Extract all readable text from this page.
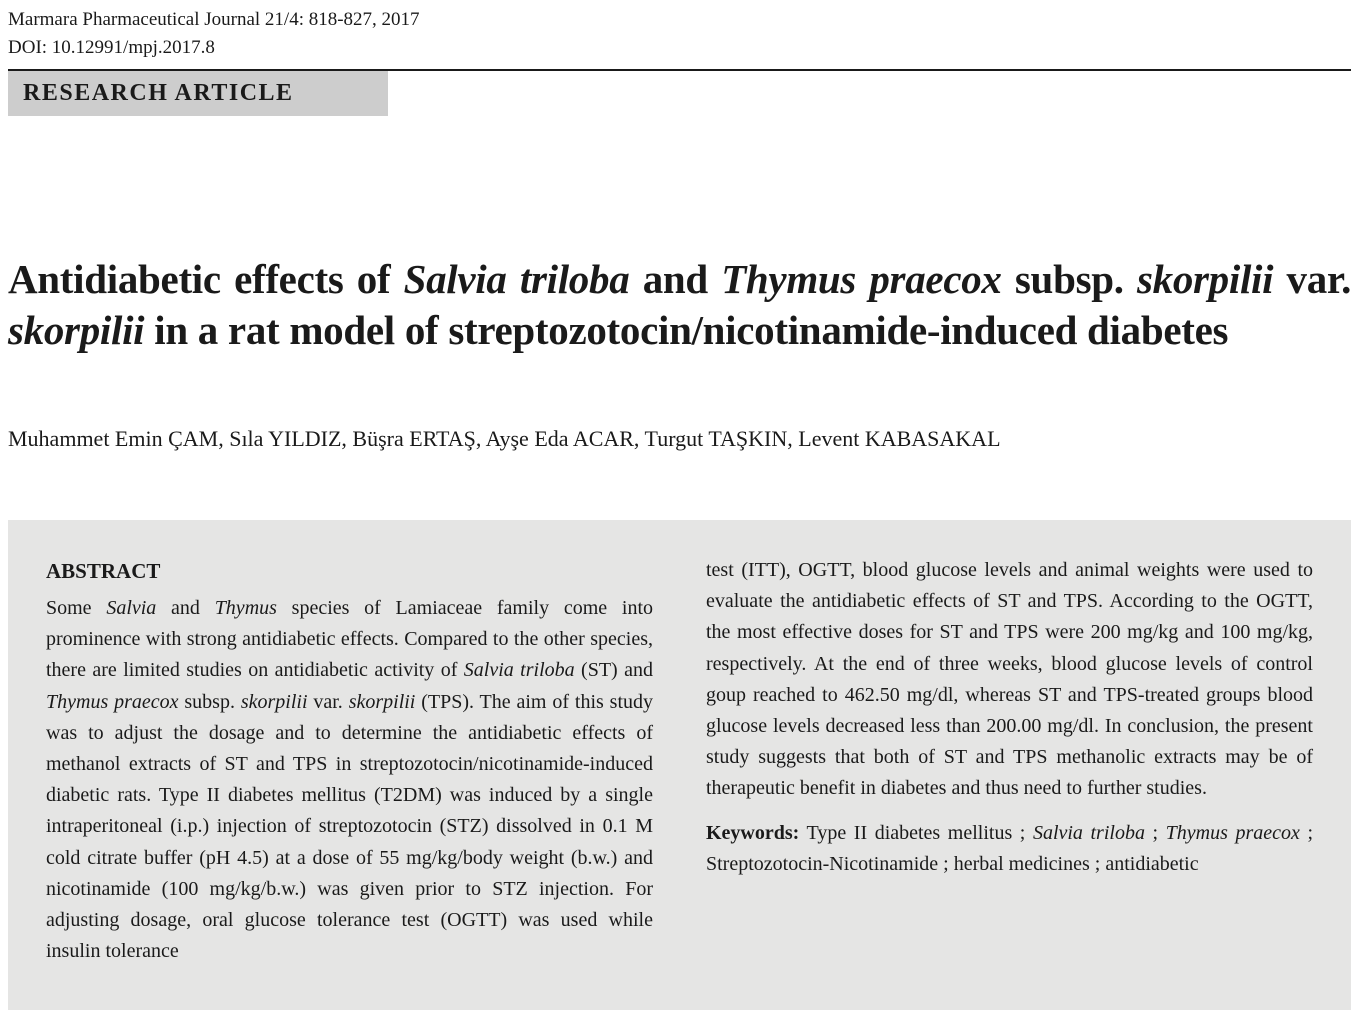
Marmara Pharmaceutical Journal 21/4: 818-827, 2017
DOI: 10.12991/mpj.2017.8
RESEARCH ARTICLE
Antidiabetic effects of Salvia triloba and Thymus praecox subsp. skorpilii var. skorpilii in a rat model of streptozotocin/nicotinamide-induced diabetes
Muhammet Emin ÇAM, Sıla YILDIZ, Büşra ERTAŞ, Ayşe Eda ACAR, Turgut TAŞKIN, Levent KABASAKAL
ABSTRACT

Some Salvia and Thymus species of Lamiaceae family come into prominence with strong antidiabetic effects. Compared to the other species, there are limited studies on antidiabetic activity of Salvia triloba (ST) and Thymus praecox subsp. skorpilii var. skorpilii (TPS). The aim of this study was to adjust the dosage and to determine the antidiabetic effects of methanol extracts of ST and TPS in streptozotocin/nicotinamide-induced diabetic rats. Type II diabetes mellitus (T2DM) was induced by a single intraperitoneal (i.p.) injection of streptozotocin (STZ) dissolved in 0.1 M cold citrate buffer (pH 4.5) at a dose of 55 mg/kg/body weight (b.w.) and nicotinamide (100 mg/kg/b.w.) was given prior to STZ injection. For adjusting dosage, oral glucose tolerance test (OGTT) was used while insulin tolerance

test (ITT), OGTT, blood glucose levels and animal weights were used to evaluate the antidiabetic effects of ST and TPS. According to the OGTT, the most effective doses for ST and TPS were 200 mg/kg and 100 mg/kg, respectively. At the end of three weeks, blood glucose levels of control goup reached to 462.50 mg/dl, whereas ST and TPS-treated groups blood glucose levels decreased less than 200.00 mg/dl. In conclusion, the present study suggests that both of ST and TPS methanolic extracts may be of therapeutic benefit in diabetes and thus need to further studies.

Keywords: Type II diabetes mellitus ; Salvia triloba ; Thymus praecox ; Streptozotocin-Nicotinamide ; herbal medicines ; antidiabetic
